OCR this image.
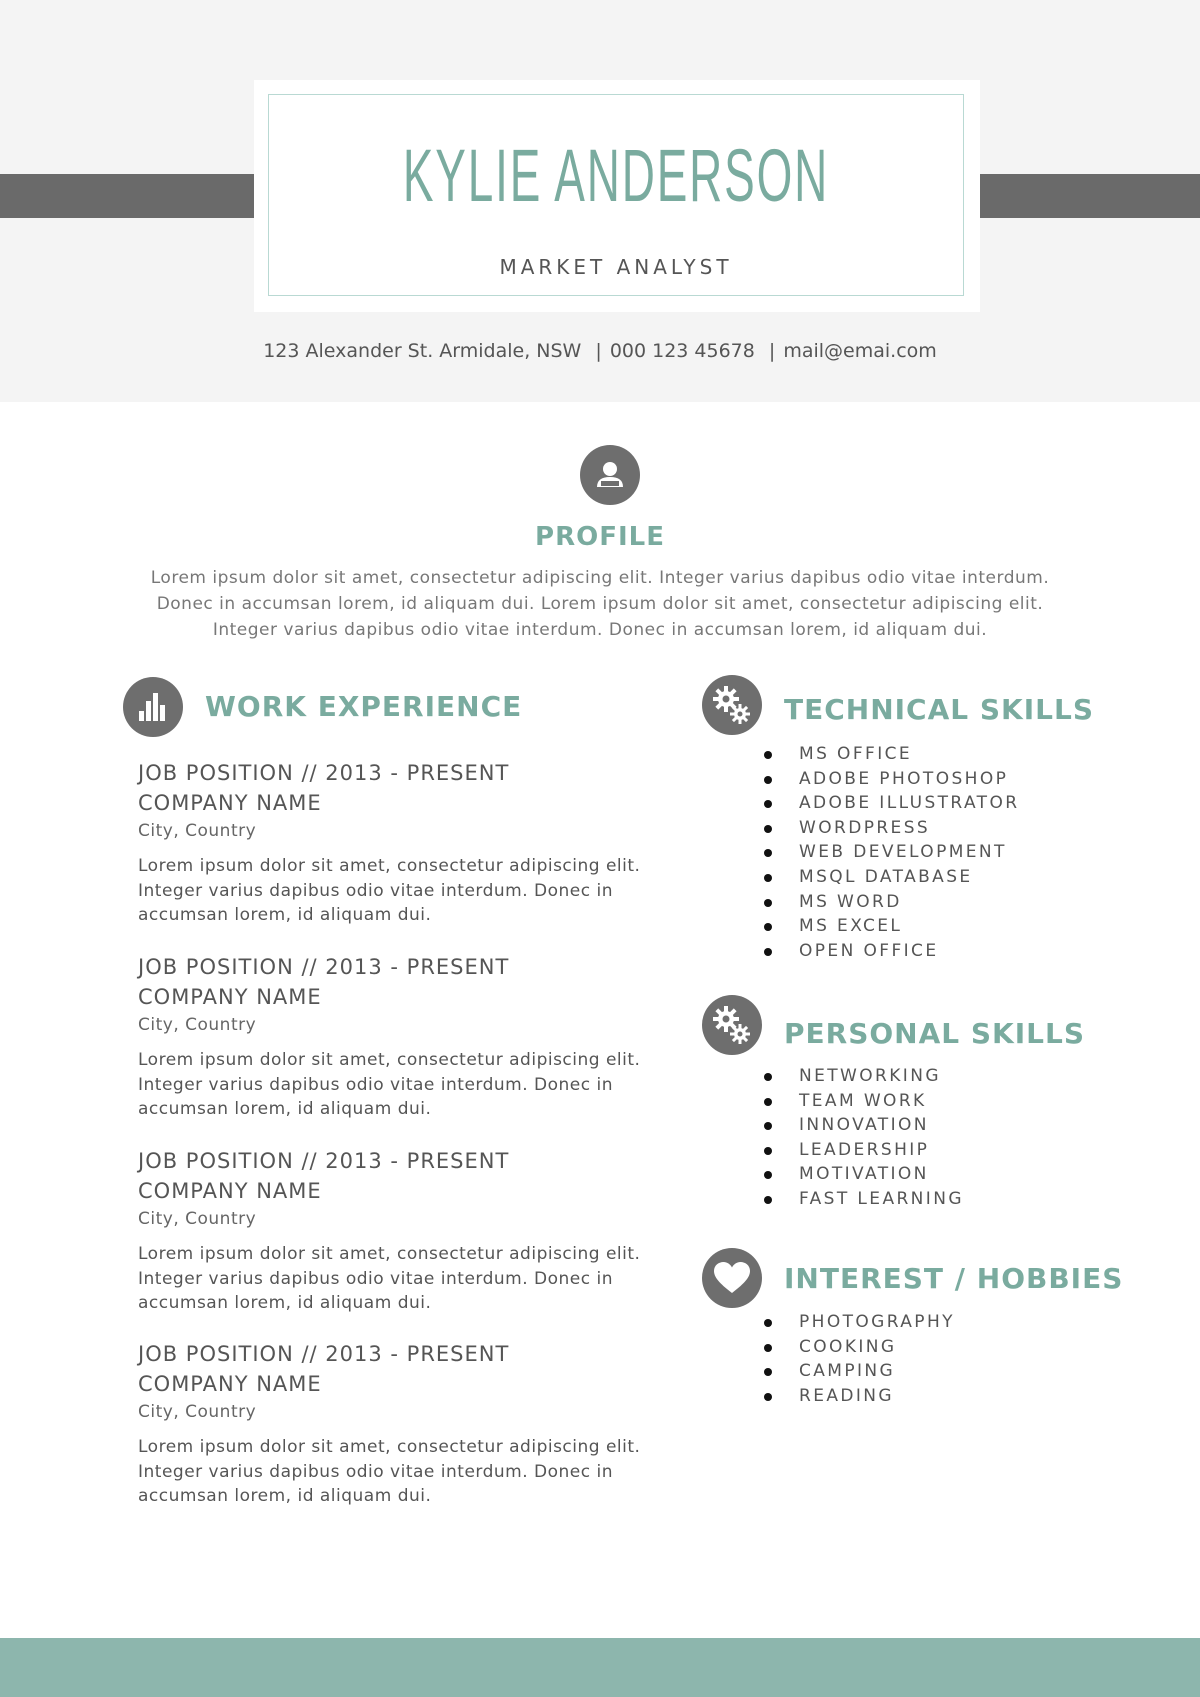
KYLIE ANDERSON
MARKET ANALYST
123 Alexander St. Armidale, NSW | 000 123 45678 | mail@emai.com
PROFILE
Lorem ipsum dolor sit amet, consectetur adipiscing elit. Integer varius dapibus odio vitae interdum. Donec in accumsan lorem, id aliquam dui. Lorem ipsum dolor sit amet, consectetur adipiscing elit. Integer varius dapibus odio vitae interdum. Donec in accumsan lorem, id aliquam dui.
WORK EXPERIENCE
JOB POSITION // 2013 - PRESENT
COMPANY NAME
City, Country
Lorem ipsum dolor sit amet, consectetur adipiscing elit. Integer varius dapibus odio vitae interdum. Donec in accumsan lorem, id aliquam dui.
JOB POSITION // 2013 - PRESENT
COMPANY NAME
City, Country
Lorem ipsum dolor sit amet, consectetur adipiscing elit. Integer varius dapibus odio vitae interdum. Donec in accumsan lorem, id aliquam dui.
JOB POSITION // 2013 - PRESENT
COMPANY NAME
City, Country
Lorem ipsum dolor sit amet, consectetur adipiscing elit. Integer varius dapibus odio vitae interdum. Donec in accumsan lorem, id aliquam dui.
JOB POSITION // 2013 - PRESENT
COMPANY NAME
City, Country
Lorem ipsum dolor sit amet, consectetur adipiscing elit. Integer varius dapibus odio vitae interdum. Donec in accumsan lorem, id aliquam dui.
TECHNICAL SKILLS
MS OFFICE
ADOBE PHOTOSHOP
ADOBE ILLUSTRATOR
WORDPRESS
WEB DEVELOPMENT
MSQL DATABASE
MS WORD
MS EXCEL
OPEN OFFICE
PERSONAL SKILLS
NETWORKING
TEAM WORK
INNOVATION
LEADERSHIP
MOTIVATION
FAST LEARNING
INTEREST / HOBBIES
PHOTOGRAPHY
COOKING
CAMPING
READING
